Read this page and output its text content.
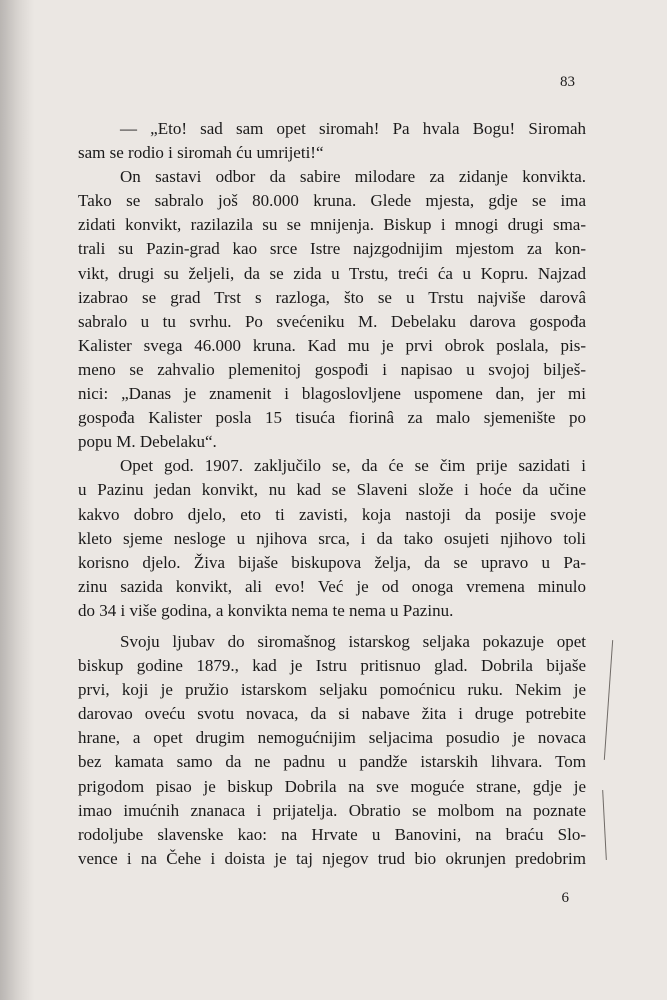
83
— „Eto! sad sam opet siromah! Pa hvala Bogu! Siromah
sam se rodio i siromah ću umrijeti!“
On sastavi odbor da sabire milodare za zidanje konvikta.
Tako se sabralo još 80.000 kruna. Glede mjesta, gdje se ima
zidati konvikt, razilazila su se mnijenja. Biskup i mnogi drugi sma-
trali su Pazin-grad kao srce Istre najzgodnijim mjestom za kon-
vikt, drugi su željeli, da se zida u Trstu, treći ća u Kopru. Najzad
izabrao se grad Trst s razloga, što se u Trstu najviše darovâ
sabralo u tu svrhu. Po svećeniku M. Debelaku darova gospođa
Kalister svega 46.000 kruna. Kad mu je prvi obrok poslala, pis-
meno se zahvalio plemenitoj gospođi i napisao u svojoj bilješ-
nici: „Danas je znamenit i blagoslovljene uspomene dan, jer mi
gospođa Kalister posla 15 tisuća fiorinâ za malo sjemenište po
popu M. Debelaku“.
Opet god. 1907. zaključilo se, da će se čim prije sazidati i
u Pazinu jedan konvikt, nu kad se Slaveni slože i hoće da učine
kakvo dobro djelo, eto ti zavisti, koja nastoji da posije svoje
kleto sjeme nesloge u njihova srca, i da tako osujeti njihovo toli
korisno djelo. Živa bijaše biskupova želja, da se upravo u Pa-
zinu sazida konvikt, ali evo! Već je od onoga vremena minulo
do 34 i više godina, a konvikta nema te nema u Pazinu.
Svoju ljubav do siromašnog istarskog seljaka pokazuje opet
biskup godine 1879., kad je Istru pritisnuo glad. Dobrila bijaše
prvi, koji je pružio istarskom seljaku pomoćnicu ruku. Nekim je
darovao oveću svotu novaca, da si nabave žita i druge potrebite
hrane, a opet drugim nemogućnijim seljacima posudio je novaca
bez kamata samo da ne padnu u pandže istarskih lihvara. Tom
prigodom pisao je biskup Dobrila na sve moguće strane, gdje je
imao imućnih znanaca i prijatelja. Obratio se molbom na poznate
rodoljube slavenske kao: na Hrvate u Banovini, na braću Slo-
vence i na Čehe i doista je taj njegov trud bio okrunjen predobrim
6
